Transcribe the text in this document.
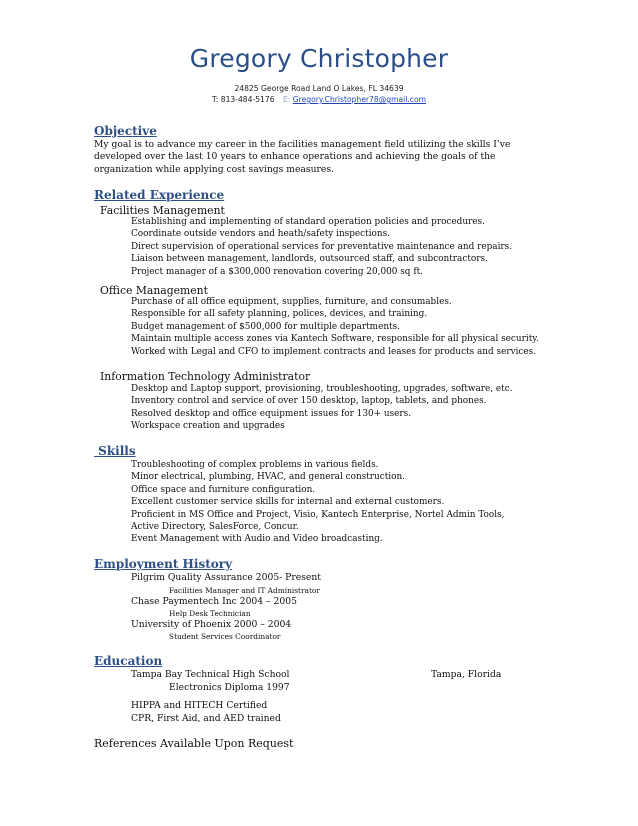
Gregory Christopher
24825 George Road Land O Lakes, FL 34639
T: 813-484-5176 E: Gregory.Christopher78@gmail.com
Objective
My goal is to advance my career in the facilities management field utilizing the skills I’ve developed over the last 10 years to enhance operations and achieving the goals of the organization while applying cost savings measures.
Related Experience
Facilities Management
Establishing and implementing of standard operation policies and procedures.
Coordinate outside vendors and heath/safety inspections.
Direct supervision of operational services for preventative maintenance and repairs.
Liaison between management, landlords, outsourced staff, and subcontractors.
Project manager of a $300,000 renovation covering 20,000 sq ft.
Office Management
Purchase of all office equipment, supplies, furniture, and consumables.
Responsible for all safety planning, polices, devices, and training.
Budget management of $500,000 for multiple departments.
Maintain multiple access zones via Kantech Software, responsible for all physical security.
Worked with Legal and CFO to implement contracts and leases for products and services.
Information Technology Administrator
Desktop and Laptop support, provisioning, troubleshooting, upgrades, software, etc.
Inventory control and service of over 150 desktop, laptop, tablets, and phones.
Resolved desktop and office equipment issues for 130+ users.
Workspace creation and upgrades
Skills
Troubleshooting of complex problems in various fields.
Minor electrical, plumbing, HVAC, and general construction.
Office space and furniture configuration.
Excellent customer service skills for internal and external customers.
Proficient in MS Office and Project, Visio, Kantech Enterprise, Nortel Admin Tools, Active Directory, SalesForce, Concur.
Event Management with Audio and Video broadcasting.
Employment History
Pilgrim Quality Assurance 2005- Present
Facilities Manager and IT Administrator
Chase Paymentech Inc 2004 – 2005
Help Desk Technician
University of Phoenix 2000 – 2004
Student Services Coordinator
Education
Tampa Bay Technical High School	Tampa, Florida
Electronics Diploma 1997
HIPPA and HITECH Certified
CPR, First Aid, and AED trained
References Available Upon Request
